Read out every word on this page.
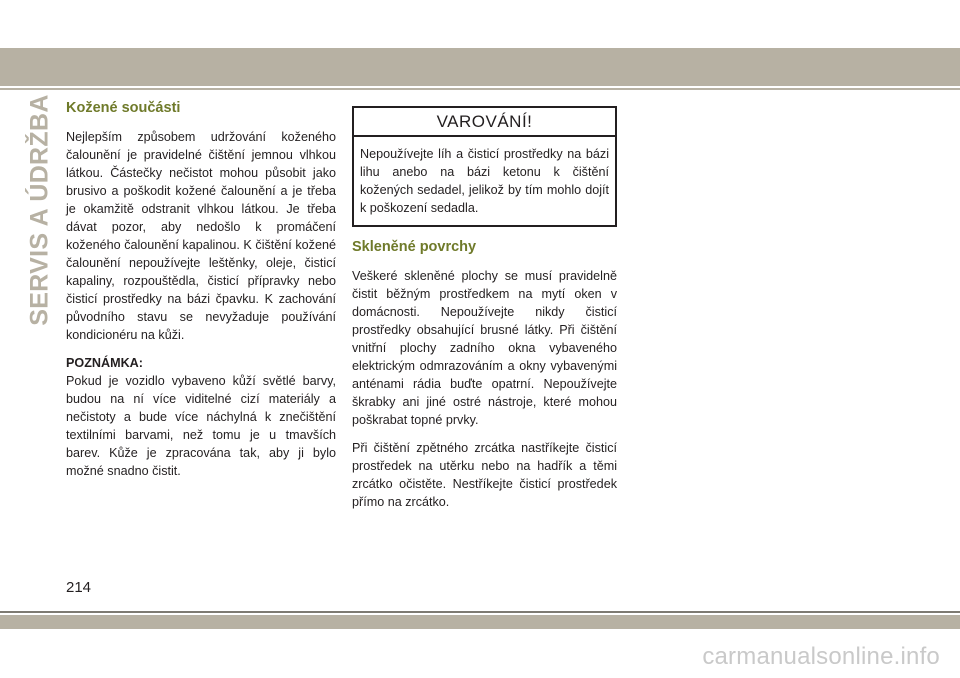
SERVIS A ÚDRŽBA Kožené součásti

Nejlepším způsobem udržování koženého čalounění je pravidelné čištění jemnou vlhkou látkou. Částečky nečistot mohou působit jako brusivo a poškodit kožené čalounění a je třeba je okamžitě odstranit vlhkou látkou. Je třeba dávat pozor, aby nedošlo k promáčení koženého čalounění kapalinou. K čištění kožené čalounění nepoužívejte leštěnky, oleje, čisticí kapaliny, rozpouštědla, čisticí přípravky nebo čisticí prostředky na bázi čpavku. K zachování původního stavu se nevyžaduje používání kondicionéru na kůži.

POZNÁMKA:

Pokud je vozidlo vybaveno kůží světlé barvy, budou na ní více viditelné cizí materiály a nečistoty a bude více náchylná k znečištění textilními barvami, než tomu je u tmavších barev. Kůže je zpracována tak, aby ji bylo možné snadno čistit.

VAROVÁNÍ!

Nepoužívejte líh a čisticí prostředky na bázi lihu anebo na bázi ketonu k čištění kožených sedadel, jelikož by tím mohlo dojít k poškození sedadla.

Skleněné povrchy

Veškeré skleněné plochy se musí pravidelně čistit běžným prostředkem na mytí oken v domácnosti. Nepoužívejte nikdy čisticí prostředky obsahující brusné látky. Při čištění vnitřní plochy zadního okna vybaveného elektrickým odmrazováním a okny vybavenými anténami rádia buďte opatrní. Nepoužívejte škrabky ani jiné ostré nástroje, které mohou poškrabat topné prvky.

Při čištění zpětného zrcátka nastříkejte čisticí prostředek na utěrku nebo na hadřík a těmi zrcátko očistěte. Nestříkejte čisticí prostředek přímo na zrcátko.

214
carmanualsonline.info
